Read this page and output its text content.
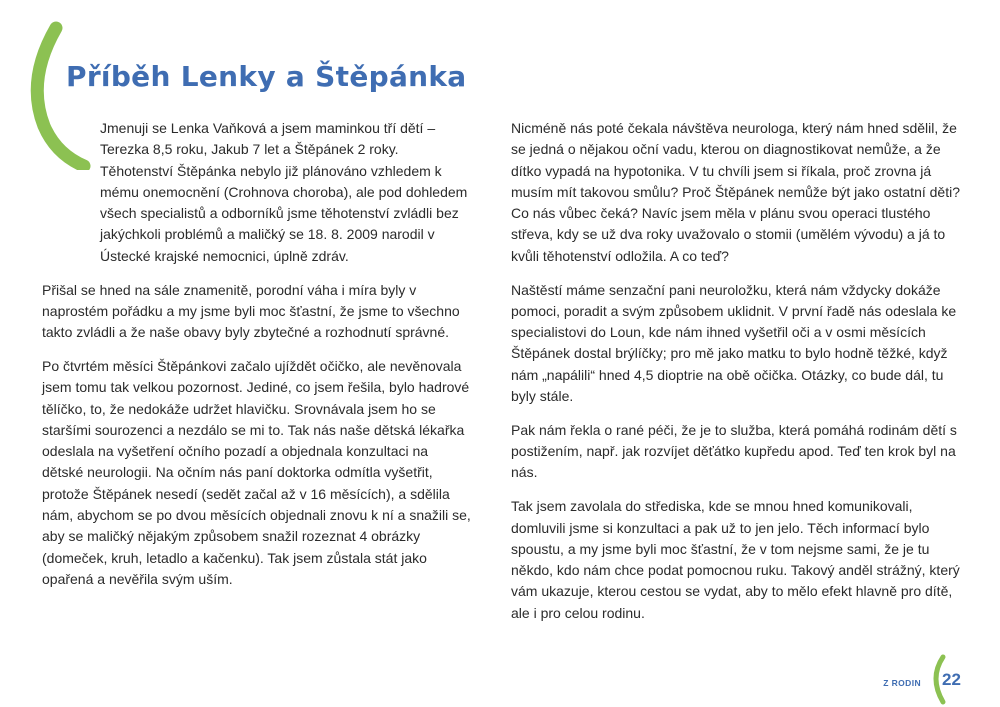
Příběh Lenky a Štěpánka

Jmenuji se Lenka Vaňková a jsem maminkou tří dětí – Terezka 8,5 roku, Jakub 7 let a Štěpánek 2 roky. Těhotenství Štěpánka nebylo již plánováno vzhledem k mému onemocnění (Crohnova choroba), ale pod dohledem všech specialistů a odborníků jsme těhotenství zvládli bez jakýchkoli problémů a maličký se 18. 8. 2009 narodil v Ústecké krajské nemocnici, úplně zdráv.

Přišal se hned na sále znamenitě, porodní váha i míra byly v naprostém pořádku a my jsme byli moc šťastní, že jsme to všechno takto zvládli a že naše obavy byly zbytečné a rozhodnutí správné.

Po čtvrtém měsíci Štěpánkovi začalo ujíždět očičko, ale nevěnovala jsem tomu tak velkou pozornost. Jediné, co jsem řešila, bylo hadrové tělíčko, to, že nedokáže udržet hlavičku. Srovnávala jsem ho se staršími sourozenci a nezdálo se mi to. Tak nás naše dětská lékařka odeslala na vyšetření očního pozadí a objednala konzultaci na dětské neurologii. Na očním nás paní doktorka odmítla vyšetřit, protože Štěpánek nesedí (sedět začal až v 16 měsících), a sdělila nám, abychom se po dvou měsících objednali znovu k ní a snažili se, aby se maličký nějakým způsobem snažil rozeznat 4 obrázky (domeček, kruh, letadlo a kačenku). Tak jsem zůstala stát jako opařená a nevěřila svým uším.

Nicméně nás poté čekala návštěva neurologa, který nám hned sdělil, že se jedná o nějakou oční vadu, kterou on diagnostikovat nemůže, a že dítko vypadá na hypotonika. V tu chvíli jsem si říkala, proč zrovna já musím mít takovou smůlu? Proč Štěpánek nemůže být jako ostatní děti? Co nás vůbec čeká? Navíc jsem měla v plánu svou operaci tlustého střeva, kdy se už dva roky uvažovalo o stomii (umělém vývodu) a já to kvůli těhotenství odložila. A co teď?

Naštěstí máme senzační pani neuroložku, která nám vždycky dokáže pomoci, poradit a svým způsobem uklidnit. V první řadě nás odeslala ke specialistovi do Loun, kde nám ihned vyšetřil oči a v osmi měsících Štěpánek dostal brýlíčky; pro mě jako matku to bylo hodně těžké, když nám „napálili“ hned 4,5 dioptrie na obě očička. Otázky, co bude dál, tu byly stále.

Pak nám řekla o rané péči, že je to služba, která pomáhá rodinám dětí s postižením, např. jak rozvíjet děťátko kupředu apod. Teď ten krok byl na nás.

Tak jsem zavolala do střediska, kde se mnou hned komunikovali, domluvili jsme si konzultaci a pak už to jen jelo. Těch informací bylo spoustu, a my jsme byli moc šťastní, že v tom nejsme sami, že je tu někdo, kdo nám chce podat pomocnou ruku. Takový anděl strážný, který vám ukazuje, kterou cestou se vydat, aby to mělo efekt hlavně pro dítě, ale i pro celou rodinu.

Z RODIN 22
